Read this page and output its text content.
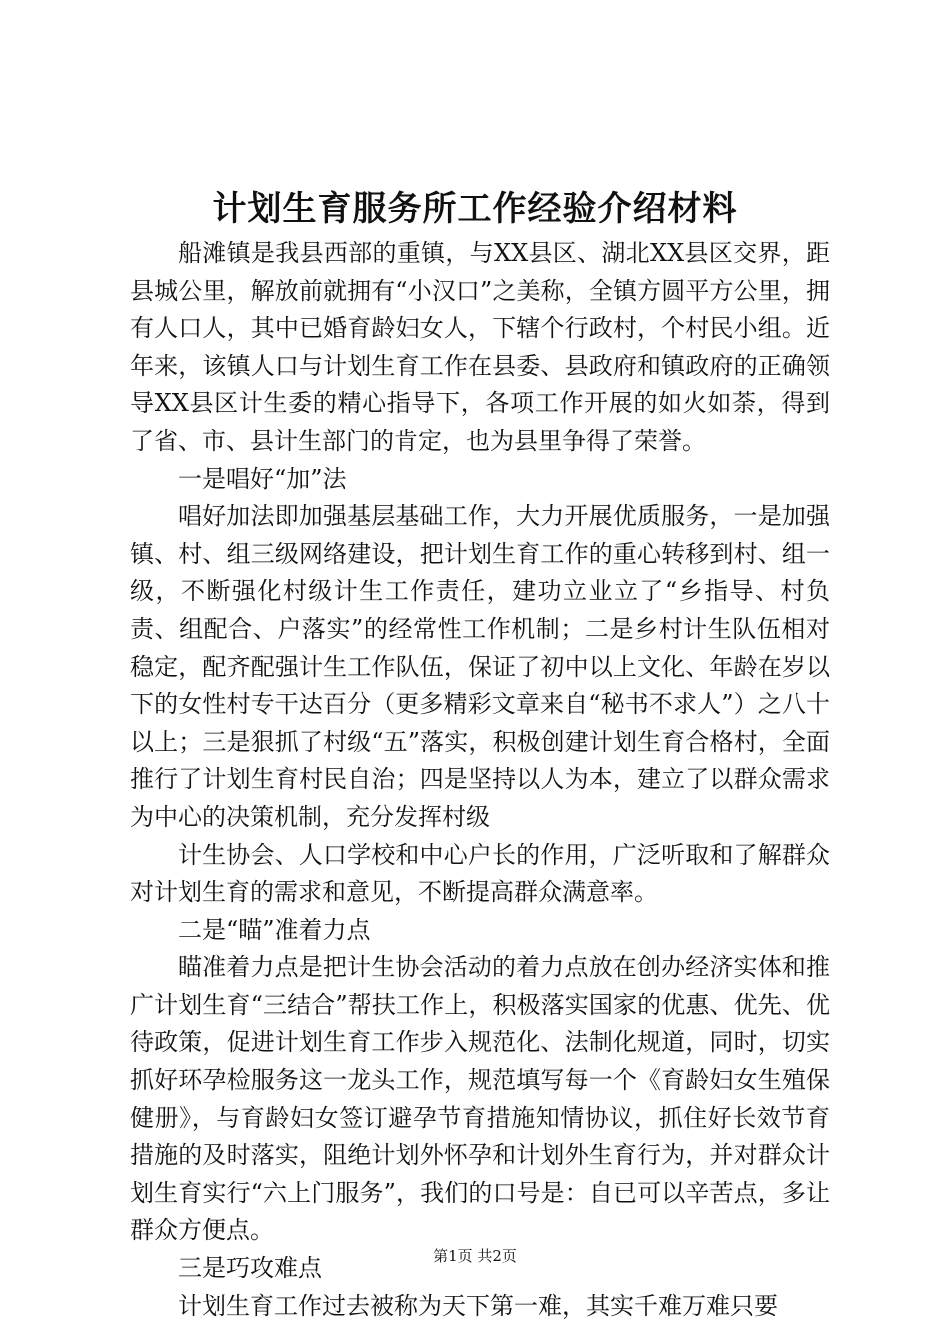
计划生育服务所工作经验介绍材料

船滩镇是我县西部的重镇，与XX县区、湖北XX县区交界，距县城公里，解放前就拥有“小汉口”之美称，全镇方圆平方公里，拥有人口人，其中已婚育龄妇女人，下辖个行政村，个村民小组。近年来，该镇人口与计划生育工作在县委、县政府和镇政府的正确领导XX县区计生委的精心指导下，各项工作开展的如火如荼，得到了省、市、县计生部门的肯定，也为县里争得了荣誉。

一是唱好“加”法

唱好加法即加强基层基础工作，大力开展优质服务，一是加强镇、村、组三级网络建设，把计划生育工作的重心转移到村、组一级，不断强化村级计生工作责任，建功立业立了“乡指导、村负责、组配合、户落实”的经常性工作机制；二是乡村计生队伍相对稳定，配齐配强计生工作队伍，保证了初中以上文化、年龄在岁以下的女性村专干达百分（更多精彩文章来自“秘书不求人”）之八十以上；三是狠抓了村级“五”落实，积极创建计划生育合格村，全面推行了计划生育村民自治；四是坚持以人为本，建立了以群众需求为中心的决策机制，充分发挥村级

计生协会、人口学校和中心户长的作用，广泛听取和了解群众对计划生育的需求和意见，不断提高群众满意率。

二是“瞄”准着力点

瞄准着力点是把计生协会活动的着力点放在创办经济实体和推广计划生育“三结合”帮扶工作上，积极落实国家的优惠、优先、优待政策，促进计划生育工作步入规范化、法制化规道，同时，切实抓好环孕检服务这一龙头工作，规范填写每一个《育龄妇女生殖保健册》，与育龄妇女签订避孕节育措施知情协议，抓住好长效节育措施的及时落实，阻绝计划外怀孕和计划外生育行为，并对群众计划生育实行“六上门服务”，我们的口号是：自已可以辛苦点，多让群众方便点。

三是巧攻难点

计划生育工作过去被称为天下第一难，其实千难万难只要

第1页 共2页
